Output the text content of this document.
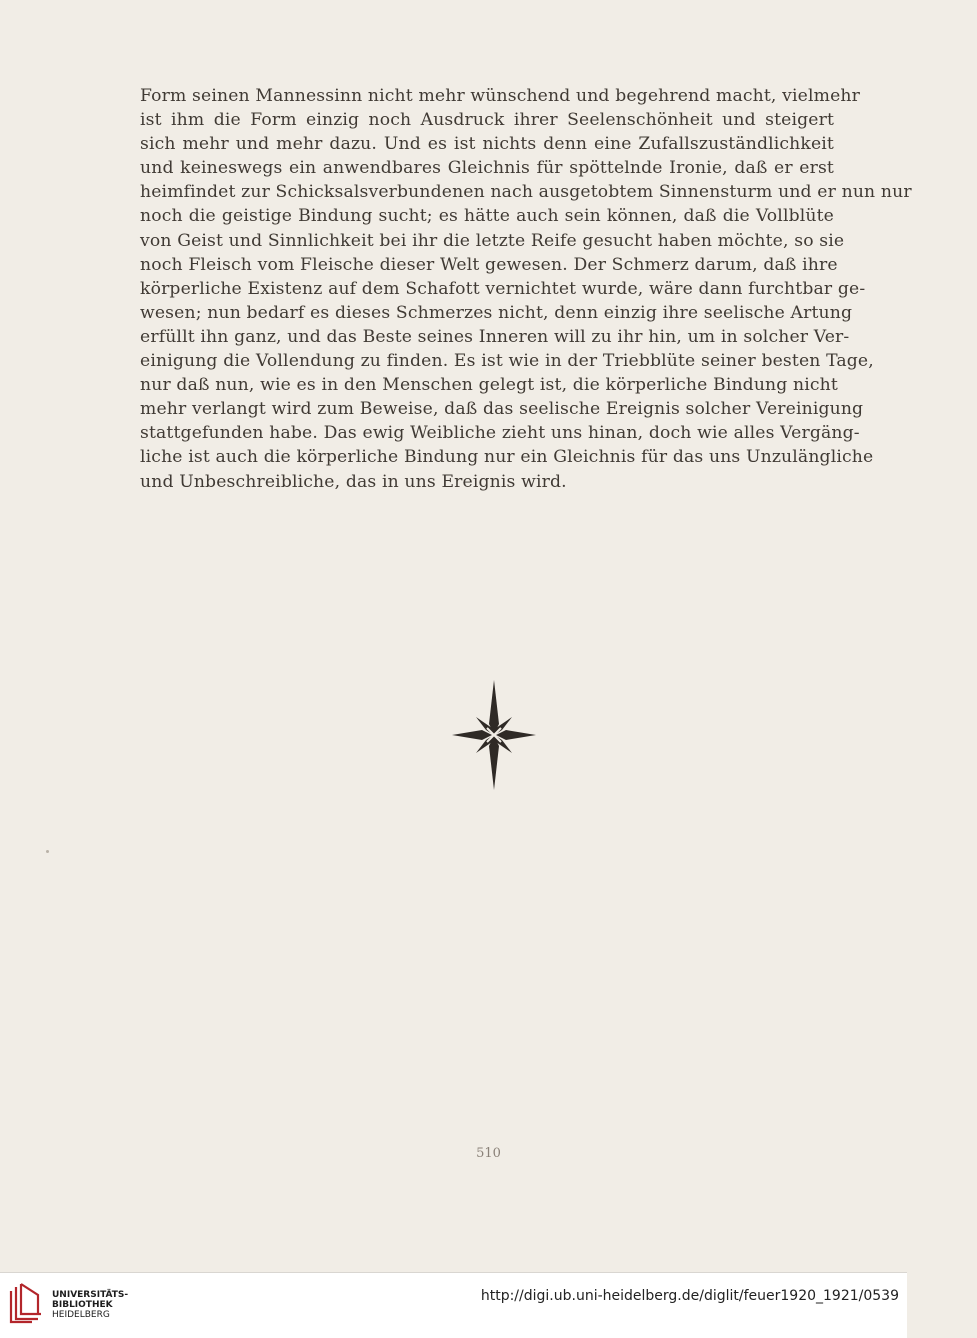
Form seinen Mannessinn nicht mehr wünschend und begehrend macht, vielmehr
ist ihm die Form einzig noch Ausdruck ihrer Seelenschönheit und steigert
sich mehr und mehr dazu. Und es ist nichts denn eine Zufallszuständlichkeit
und keineswegs ein anwendbares Gleichnis für spöttelnde Ironie, daß er erst
heimfindet zur Schicksalsverbundenen nach ausgetobtem Sinnensturm und er nun nur
noch die geistige Bindung sucht; es hätte auch sein können, daß die Vollblüte
von Geist und Sinnlichkeit bei ihr die letzte Reife gesucht haben möchte, so sie
noch Fleisch vom Fleische dieser Welt gewesen. Der Schmerz darum, daß ihre
körperliche Existenz auf dem Schafott vernichtet wurde, wäre dann furchtbar ge-
wesen; nun bedarf es dieses Schmerzes nicht, denn einzig ihre seelische Artung
erfüllt ihn ganz, und das Beste seines Inneren will zu ihr hin, um in solcher Ver-
einigung die Vollendung zu finden. Es ist wie in der Triebblüte seiner besten Tage,
nur daß nun, wie es in den Menschen gelegt ist, die körperliche Bindung nicht
mehr verlangt wird zum Beweise, daß das seelische Ereignis solcher Vereinigung
stattgefunden habe. Das ewig Weibliche zieht uns hinan, doch wie alles Vergäng-
liche ist auch die körperliche Bindung nur ein Gleichnis für das uns Unzulängliche
und Unbeschreibliche, das in uns Ereignis wird.
510
UNIVERSITÄTS-
BIBLIOTHEK
HEIDELBERG
http://digi.ub.uni-heidelberg.de/diglit/feuer1920_1921/0539
